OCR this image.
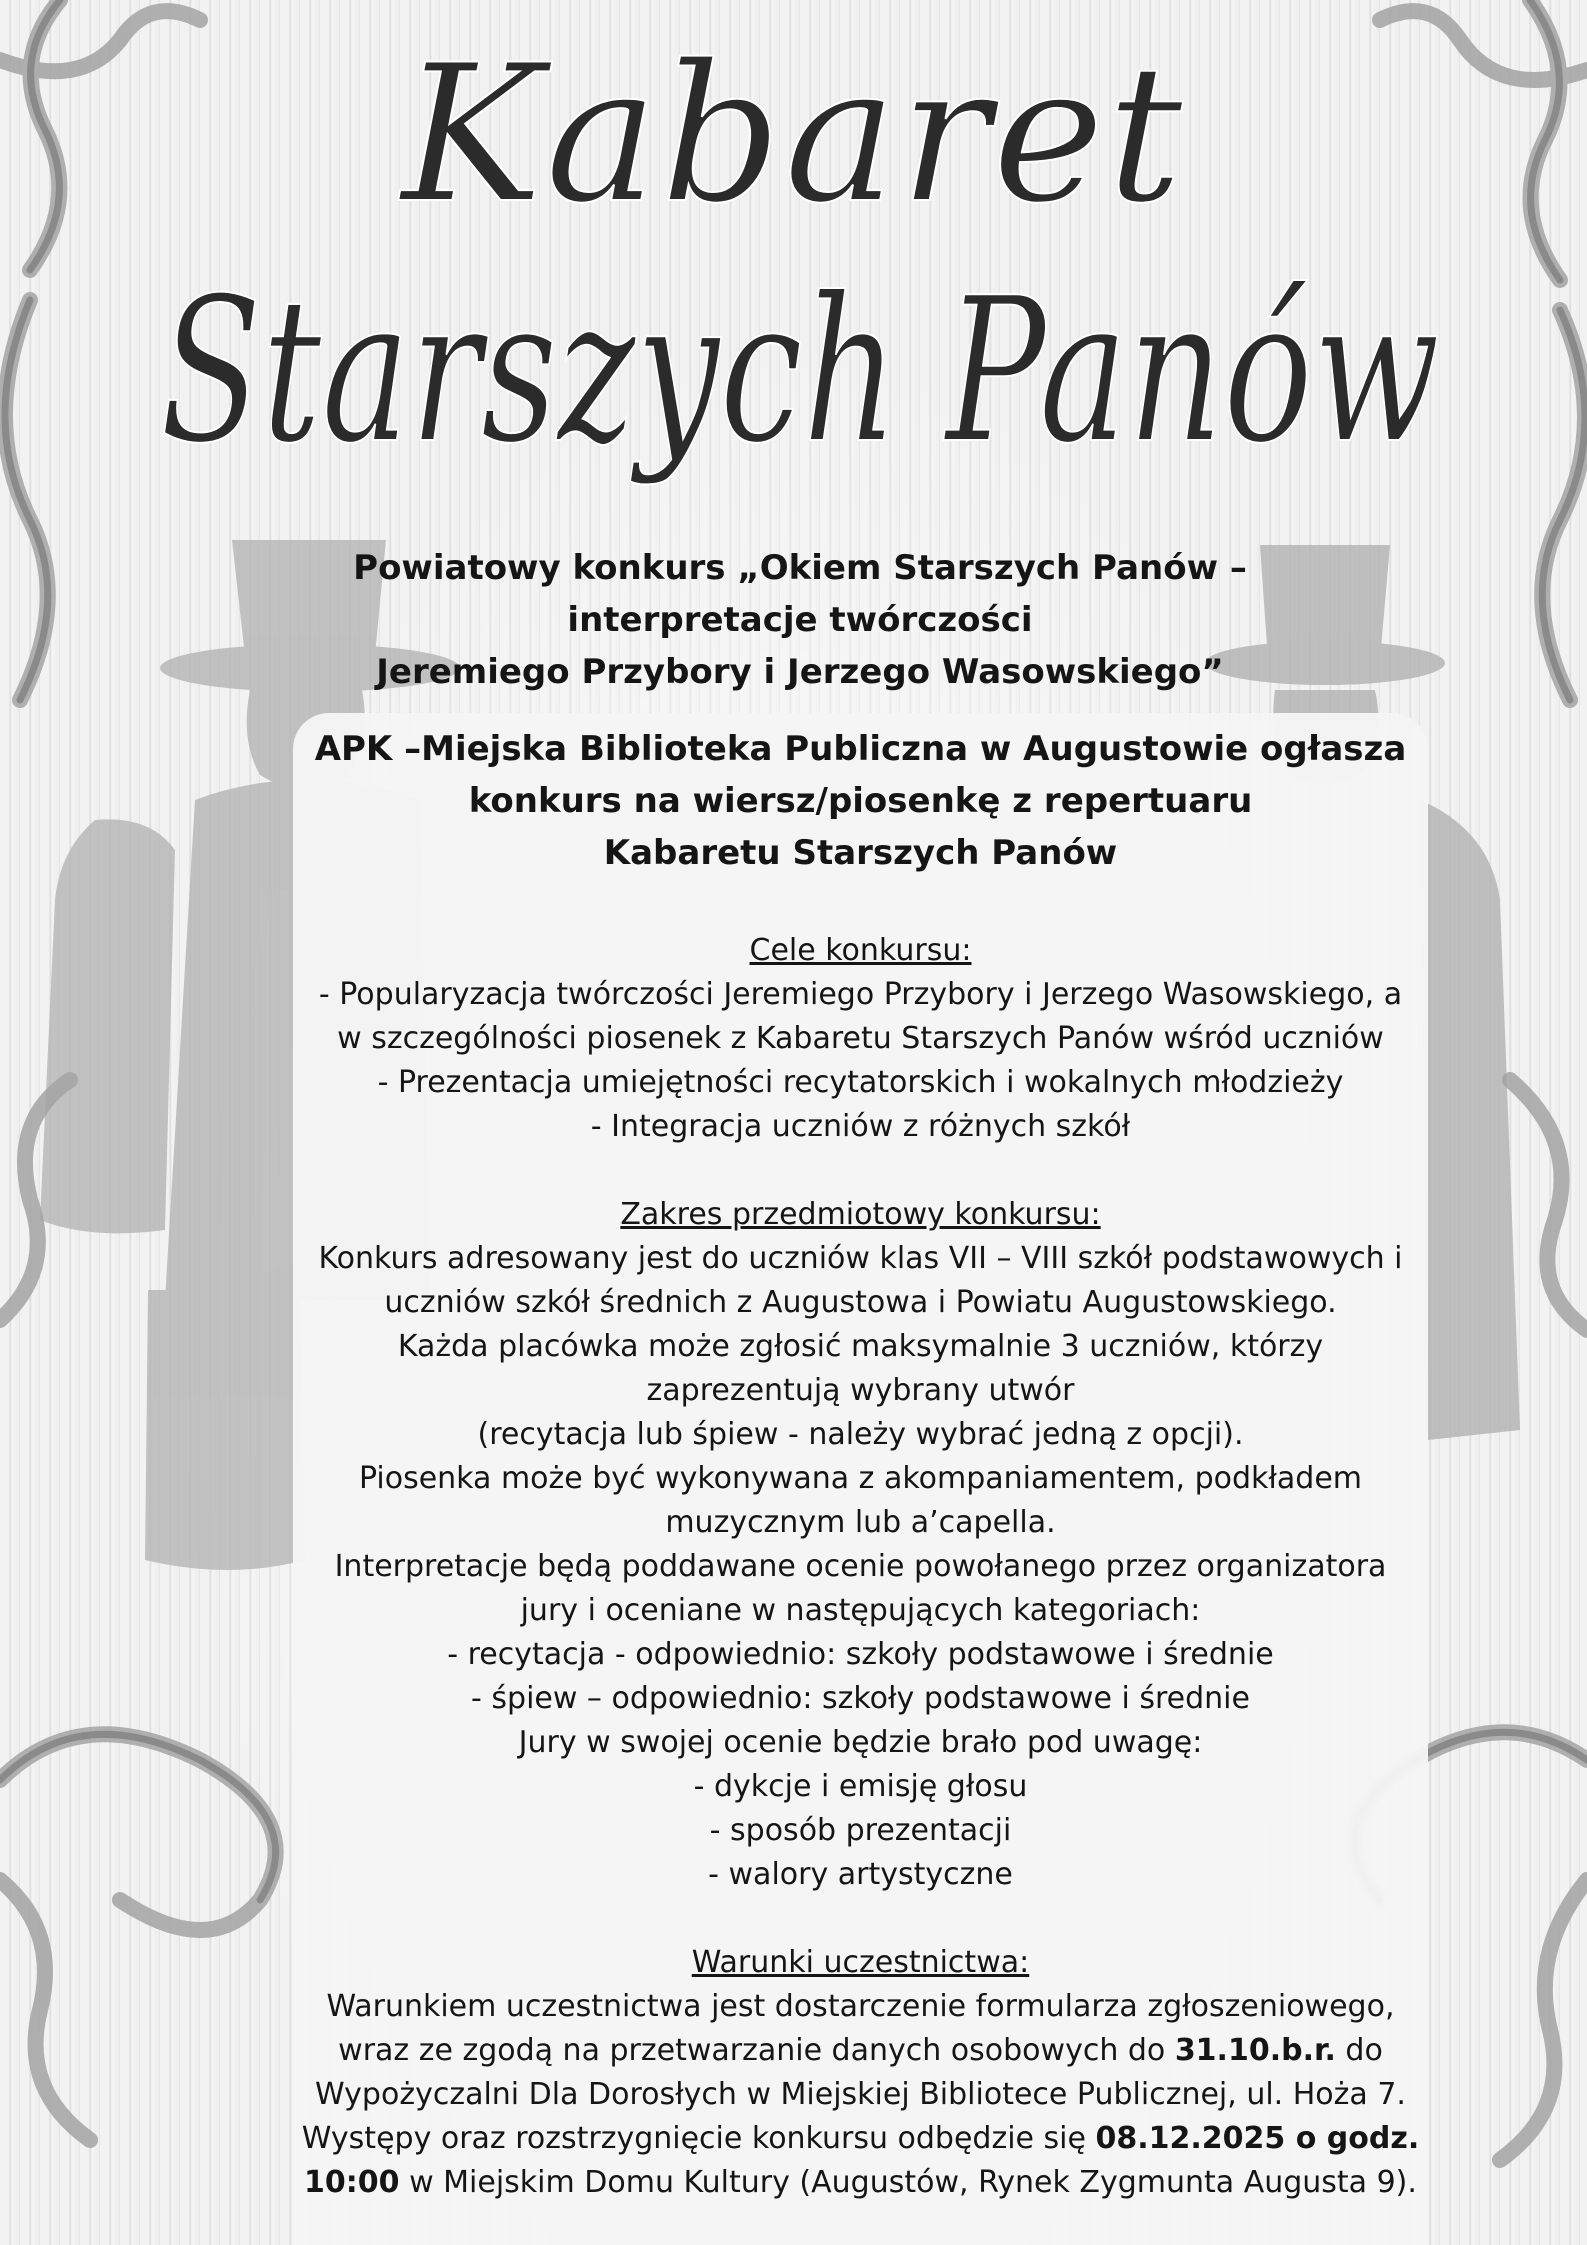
Kabaret
Starszych Panów
Powiatowy konkurs „Okiem Starszych Panów –
interpretacje twórczości
Jeremiego Przybory i Jerzego Wasowskiego”
APK –Miejska Biblioteka Publiczna w Augustowie ogłasza
konkurs na wiersz/piosenkę z repertuaru
Kabaretu Starszych Panów
Cele konkursu:
- Popularyzacja twórczości Jeremiego Przybory i Jerzego Wasowskiego, a
w szczególności piosenek z Kabaretu Starszych Panów wśród uczniów
- Prezentacja umiejętności recytatorskich i wokalnych młodzieży
- Integracja uczniów z różnych szkół
Zakres przedmiotowy konkursu:
Konkurs adresowany jest do uczniów klas VII – VIII szkół podstawowych i
uczniów szkół średnich z Augustowa i Powiatu Augustowskiego.
Każda placówka może zgłosić maksymalnie 3 uczniów, którzy
zaprezentują wybrany utwór
(recytacja lub śpiew - należy wybrać jedną z opcji).
Piosenka może być wykonywana z akompaniamentem, podkładem
muzycznym lub a’capella.
Interpretacje będą poddawane ocenie powołanego przez organizatora
jury i oceniane w następujących kategoriach:
- recytacja - odpowiednio: szkoły podstawowe i średnie
- śpiew – odpowiednio: szkoły podstawowe i średnie
Jury w swojej ocenie będzie brało pod uwagę:
- dykcje i emisję głosu
- sposób prezentacji
- walory artystyczne
Warunki uczestnictwa:
Warunkiem uczestnictwa jest dostarczenie formularza zgłoszeniowego,
wraz ze zgodą na przetwarzanie danych osobowych do 31.10.b.r. do
Wypożyczalni Dla Dorosłych w Miejskiej Bibliotece Publicznej, ul. Hoża 7.
Występy oraz rozstrzygnięcie konkursu odbędzie się 08.12.2025 o godz.
10:00 w Miejskim Domu Kultury (Augustów, Rynek Zygmunta Augusta 9).
